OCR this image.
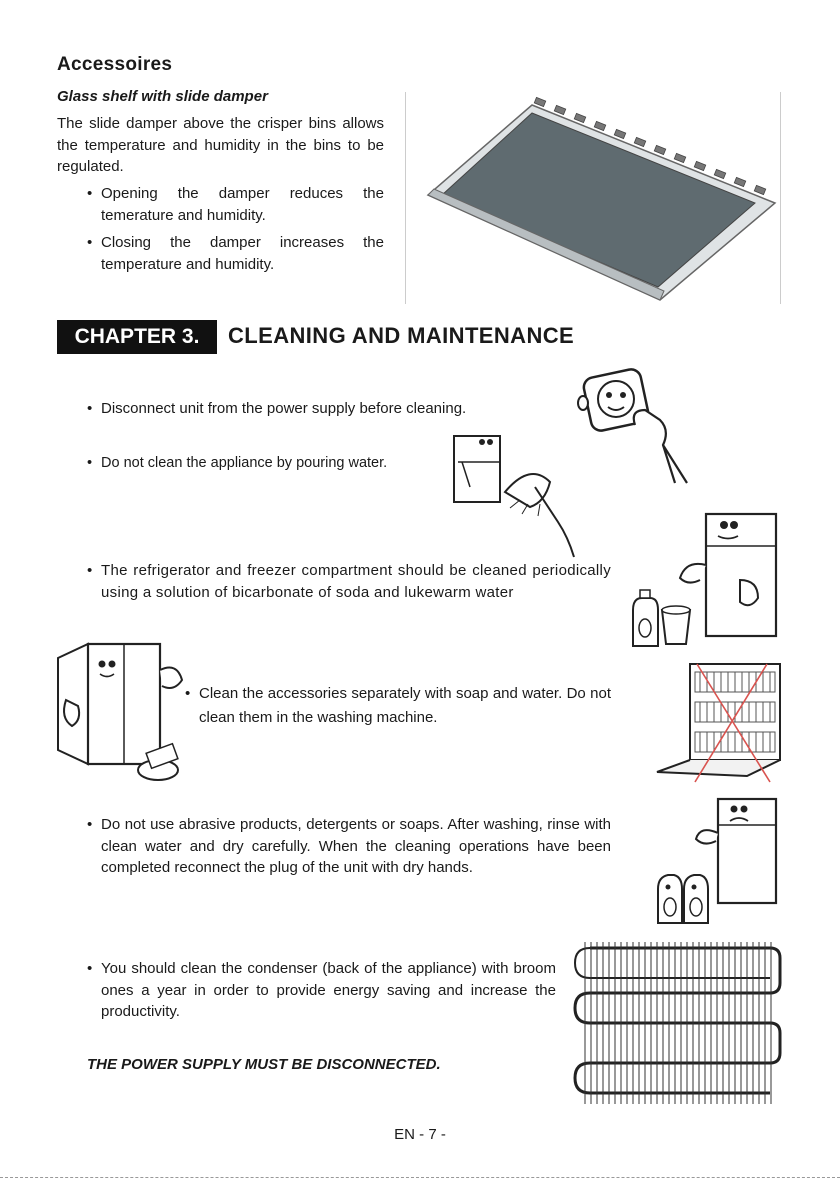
Accessoires
Glass shelf with slide damper
The slide damper above the crisper bins allows the temperature and humidity in the bins to be regulated.
• Opening the damper reduces the temerature and humidity.
• Closing the damper increases the temperature and humidity.
CHAPTER 3.	CLEANING AND MAINTENANCE
• Disconnect unit from the power supply before cleaning.
• Do not clean the appliance by pouring water.
• The refrigerator and freezer compartment should be cleaned periodically using a solution of bicarbonate of soda and lukewarm water
• Clean the accessories separately with soap and water. Do not clean them in the washing machine.
• Do not use abrasive products, detergents or soaps. After washing, rinse with clean water and dry carefully. When the cleaning operations have been completed reconnect the plug of the unit with dry hands.
• You should clean the condenser (back of the appliance) with broom ones a year in order to provide energy saving and increase the productivity.
THE POWER SUPPLY MUST BE DISCONNECTED.
EN - 7 -
